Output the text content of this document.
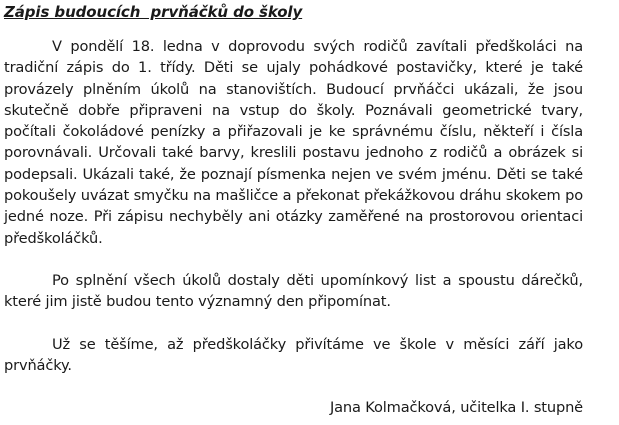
Zápis budoucích  prvňáčků do školy

V pondělí 18. ledna v doprovodu svých rodičů zavítali předškoláci na tradiční zápis do 1. třídy. Děti se ujaly pohádkové postavičky, které je také provázely plněním úkolů na stanovištích. Budoucí prvňáčci ukázali, že jsou skutečně dobře připraveni na vstup do školy. Poznávali geometrické tvary, počítali čokoládové penízky a přiřazovali je ke správnému číslu, někteří i čísla porovnávali. Určovali také barvy, kreslili postavu jednoho z rodičů a obrázek si podepsali. Ukázali také, že poznají písmenka nejen ve svém jménu. Děti se také pokoušely uvázat smyčku na mašličce a překonat překážkovou dráhu skokem po jedné noze. Při zápisu nechyběly ani otázky zaměřené na prostorovou orientaci předškoláčků.

Po splnění všech úkolů dostaly děti upomínkový list a spoustu dárečků, které jim jistě budou tento významný den připomínat.

Už se těšíme, až předškoláčky přivítáme ve škole v měsíci září jako prvňáčky.

Jana Kolmačková, učitelka I. stupně
